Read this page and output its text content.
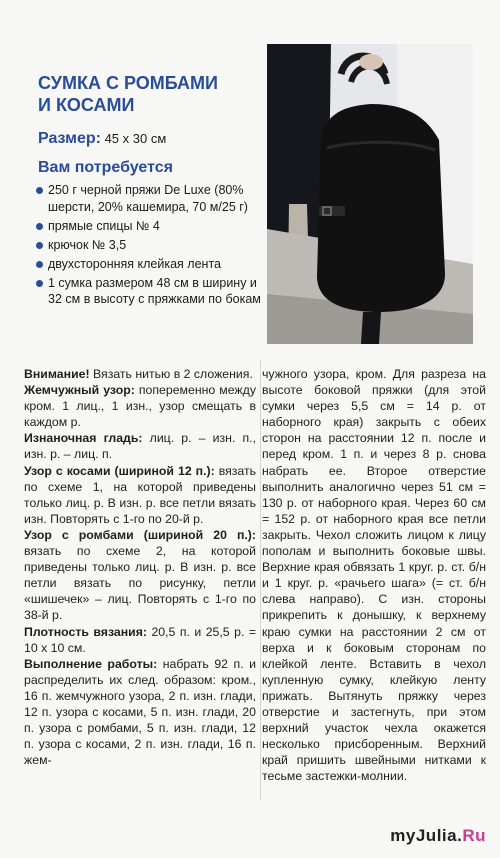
СУМКА С РОМБАМИ
И КОСАМИ
Размер: 45 x 30 см
Вам потребуется
250 г черной пряжи De Luxe (80% шерсти, 20% кашемира, 70 м/25 г)
прямые спицы № 4
крючок № 3,5
двухсторонняя клейкая лента
1 сумка размером 48 см в ширину и 32 см в высоту с пряжками по бокам

Внимание! Вязать нитью в 2 сложения.

Жемчужный узор: попеременно между кром. 1 лиц., 1 изн., узор смещать в каждом р.

Изнаночная гладь: лиц. р. – изн. п., изн. р. – лиц. п.

Узор с косами (шириной 12 п.): вязать по схеме 1, на которой приведены только лиц. р. В изн. р. все петли вязать изн. Повторять с 1-го по 20-й р.

Узор с ромбами (шириной 20 п.): вязать по схеме 2, на которой приведены только лиц. р. В изн. р. все петли вязать по рисунку, петли «шишечек» – лиц. Повторять с 1-го по 38-й р.

Плотность вязания: 20,5 п. и 25,5 р. = 10 x 10 см.

Выполнение работы: набрать 92 п. и распределить их след. образом: кром., 16 п. жемчужного узора, 2 п. изн. глади, 12 п. узора с косами, 5 п. изн. глади, 20 п. узора с ромбами, 5 п. изн. глади, 12 п. узора с косами, 2 п. изн. глади, 16 п. жем-

чужного узора, кром. Для разреза на высоте боковой пряжки (для этой сумки через 5,5 см = 14 р. от наборного края) закрыть с обеих сторон на расстоянии 12 п. после и перед кром. 1 п. и через 8 р. снова набрать ее. Второе отверстие выполнить аналогично через 51 см = 130 р. от наборного края. Через 60 см = 152 р. от наборного края все петли закрыть. Чехол сложить лицом к лицу пополам и выполнить боковые швы. Верхние края обвязать 1 круг. р. ст. б/н и 1 круг. р. «рачьего шага» (= ст. б/н слева направо). С изн. стороны прикрепить к донышку, к верхнему краю сумки на расстоянии 2 см от верха и к боковым сторонам по клейкой ленте. Вставить в чехол купленную сумку, клейкую ленту прижать. Вытянуть пряжку через отверстие и застегнуть, при этом верхний участок чехла окажется несколько присборенным. Верхний край пришить швейными нитками к тесьме застежки-молнии.

myJulia.Ru
